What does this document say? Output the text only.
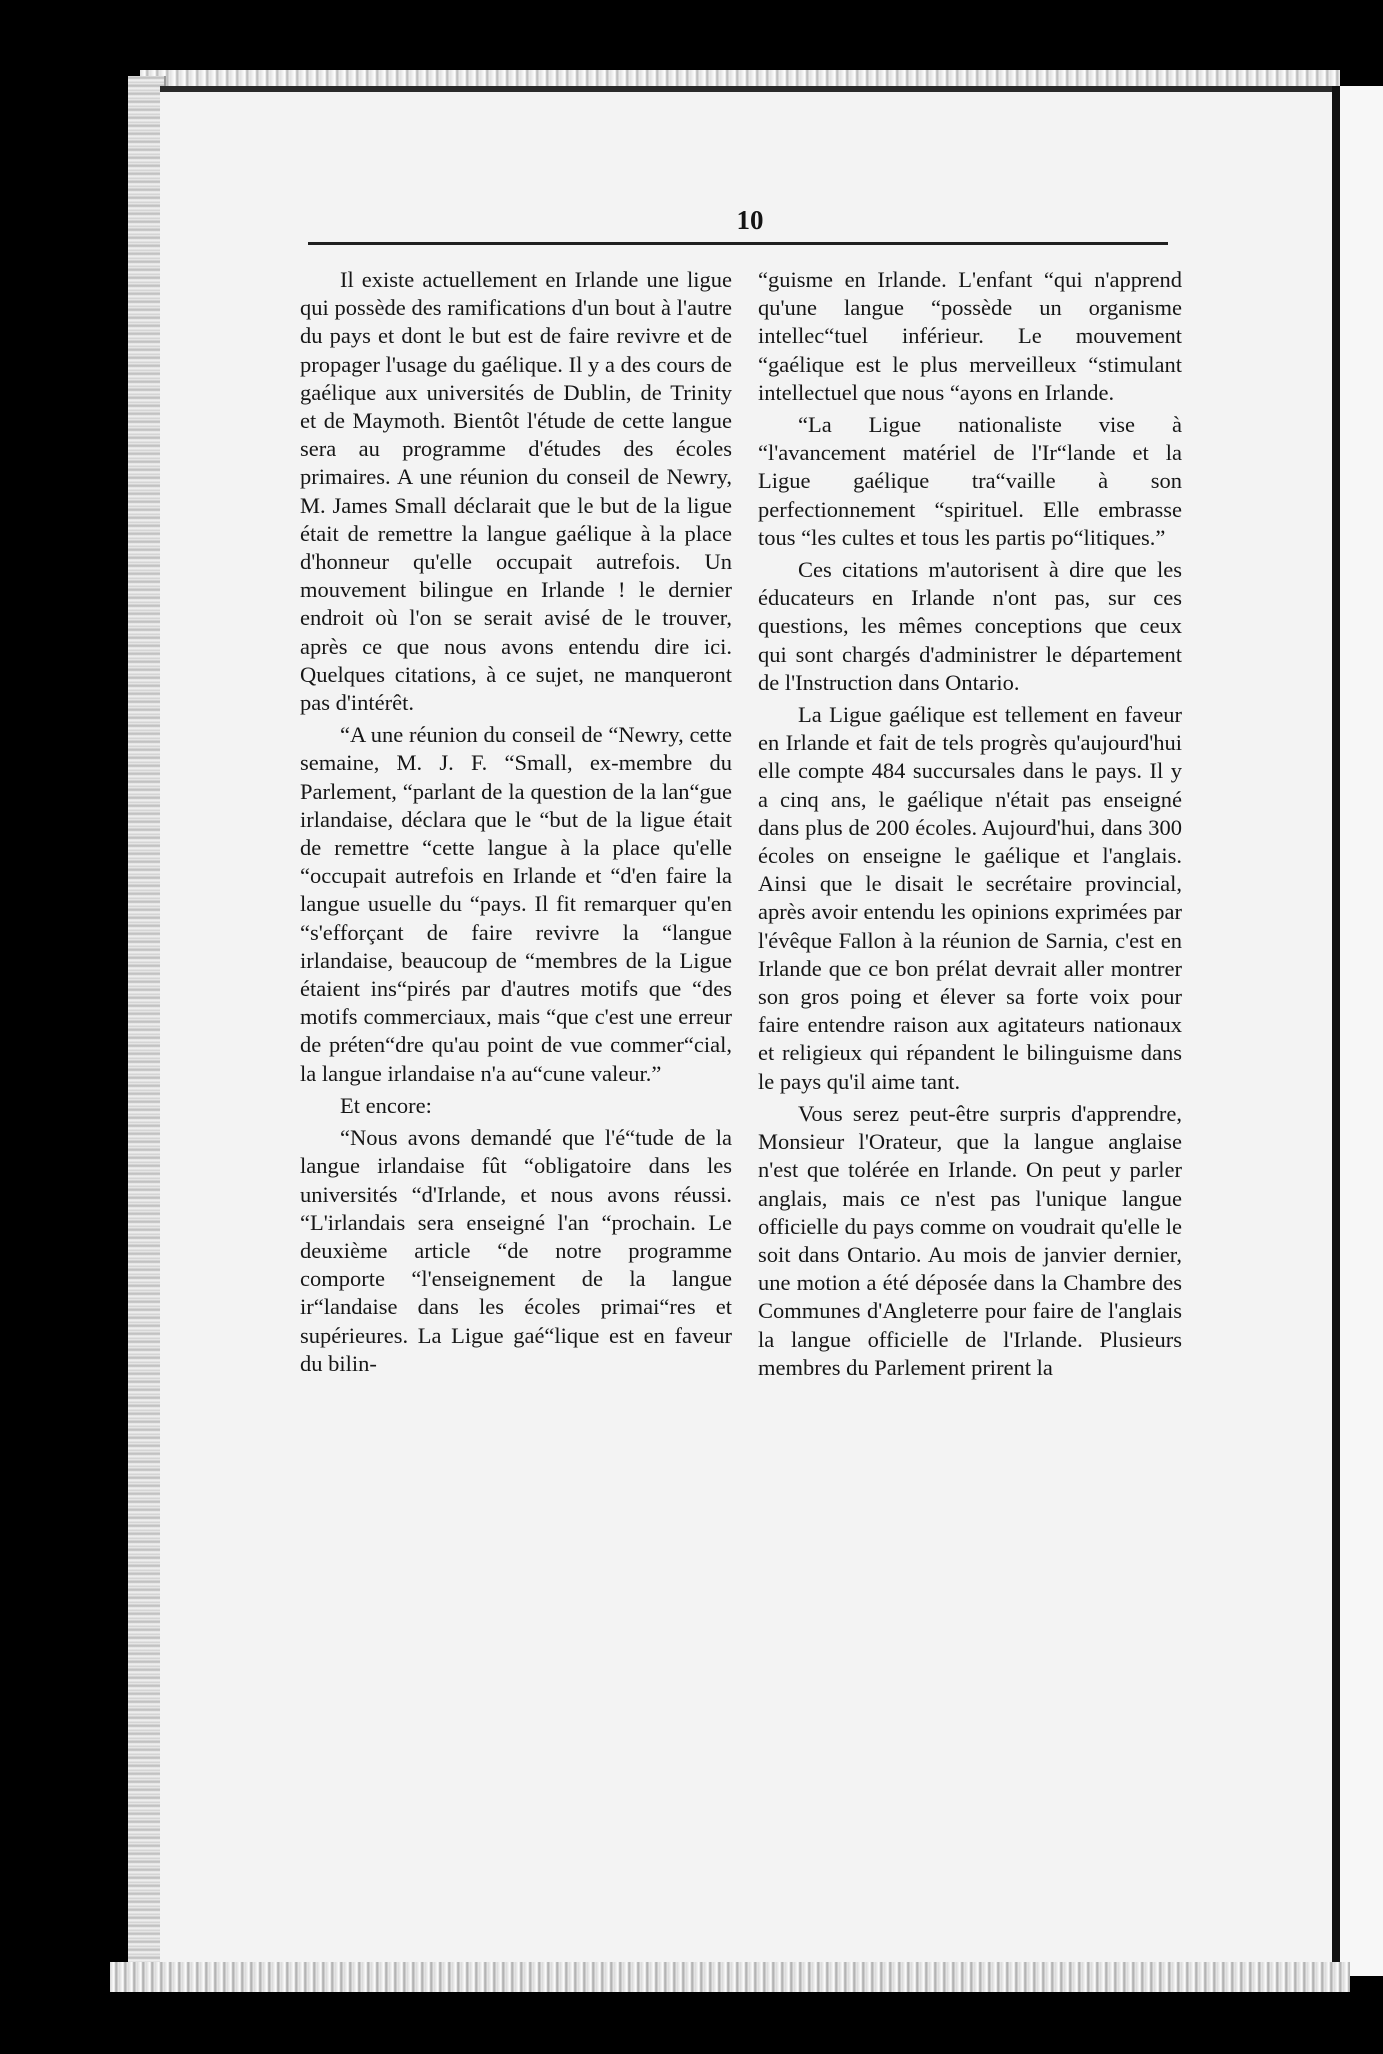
10

Il existe actuellement en Irlande une ligue qui possède des ramifications d'un bout à l'autre du pays et dont le but est de faire revivre et de propager l'usage du gaélique. Il y a des cours de gaélique aux universités de Dublin, de Trinity et de Maymoth. Bientôt l'étude de cette langue sera au programme d'études des écoles primaires. A une réunion du conseil de Newry, M. James Small déclarait que le but de la ligue était de remettre la langue gaélique à la place d'honneur qu'elle occupait autrefois. Un mouvement bilingue en Irlande ! le dernier endroit où l'on se serait avisé de le trouver, après ce que nous avons entendu dire ici. Quelques citations, à ce sujet, ne manqueront pas d'intérêt.

“A une réunion du conseil de “Newry, cette semaine, M. J. F. “Small, ex-membre du Parlement, “parlant de la question de la lan“gue irlandaise, déclara que le “but de la ligue était de remettre “cette langue à la place qu'elle “occupait autrefois en Irlande et “d'en faire la langue usuelle du “pays. Il fit remarquer qu'en “s'efforçant de faire revivre la “langue irlandaise, beaucoup de “membres de la Ligue étaient ins“pirés par d'autres motifs que “des motifs commerciaux, mais “que c'est une erreur de préten“dre qu'au point de vue commer“cial, la langue irlandaise n'a au“cune valeur.”

Et encore:

“Nous avons demandé que l'é“tude de la langue irlandaise fût “obligatoire dans les universités “d'Irlande, et nous avons réussi. “L'irlandais sera enseigné l'an “prochain. Le deuxième article “de notre programme comporte “l'enseignement de la langue ir“landaise dans les écoles primai“res et supérieures. La Ligue gaé“lique est en faveur du bilin-

“guisme en Irlande. L'enfant “qui n'apprend qu'une langue “possède un organisme intellec“tuel inférieur. Le mouvement “gaélique est le plus merveilleux “stimulant intellectuel que nous “ayons en Irlande.

“La Ligue nationaliste vise à “l'avancement matériel de l'Ir“lande et la Ligue gaélique tra“vaille à son perfectionnement “spirituel. Elle embrasse tous “les cultes et tous les partis po“litiques.”

Ces citations m'autorisent à dire que les éducateurs en Irlande n'ont pas, sur ces questions, les mêmes conceptions que ceux qui sont chargés d'administrer le département de l'Instruction dans Ontario.

La Ligue gaélique est tellement en faveur en Irlande et fait de tels progrès qu'aujourd'hui elle compte 484 succursales dans le pays. Il y a cinq ans, le gaélique n'était pas enseigné dans plus de 200 écoles. Aujourd'hui, dans 300 écoles on enseigne le gaélique et l'anglais. Ainsi que le disait le secrétaire provincial, après avoir entendu les opinions exprimées par l'évêque Fallon à la réunion de Sarnia, c'est en Irlande que ce bon prélat devrait aller montrer son gros poing et élever sa forte voix pour faire entendre raison aux agitateurs nationaux et religieux qui répandent le bilinguisme dans le pays qu'il aime tant.

Vous serez peut-être surpris d'apprendre, Monsieur l'Orateur, que la langue anglaise n'est que tolérée en Irlande. On peut y parler anglais, mais ce n'est pas l'unique langue officielle du pays comme on voudrait qu'elle le soit dans Ontario. Au mois de janvier dernier, une motion a été déposée dans la Chambre des Communes d'Angleterre pour faire de l'anglais la langue officielle de l'Irlande. Plusieurs membres du Parlement prirent la
